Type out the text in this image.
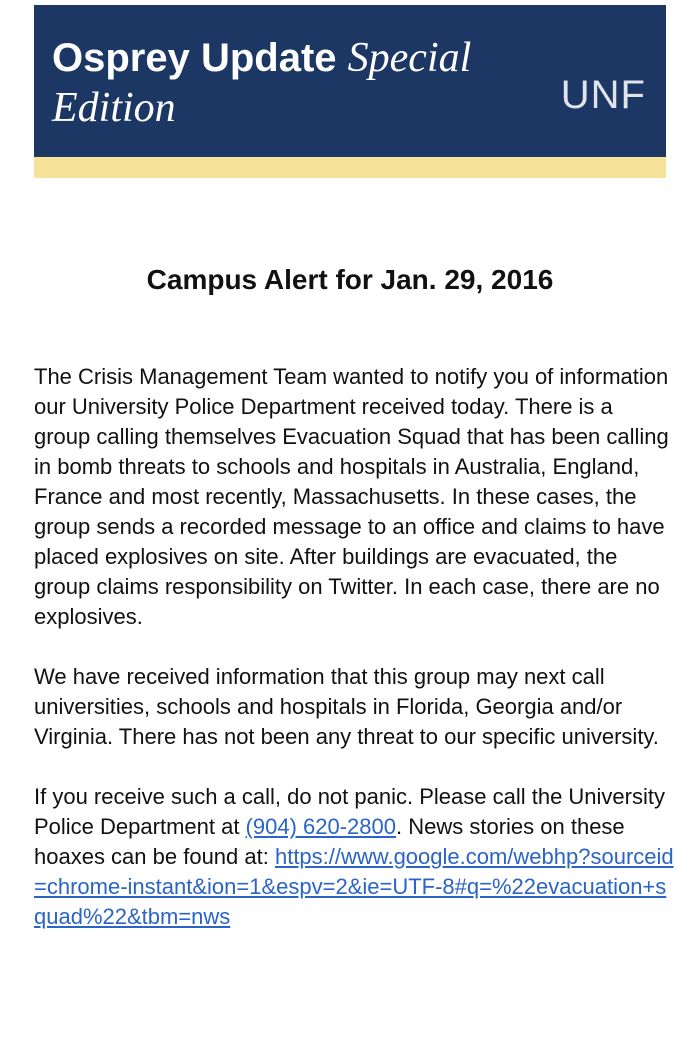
Osprey Update Special Edition	UNF
Campus Alert for Jan. 29, 2016

The Crisis Management Team wanted to notify you of information our University Police Department received today. There is a group calling themselves Evacuation Squad that has been calling in bomb threats to schools and hospitals in Australia, England, France and most recently, Massachusetts. In these cases, the group sends a recorded message to an office and claims to have placed explosives on site. After buildings are evacuated, the group claims responsibility on Twitter. In each case, there are no explosives.

We have received information that this group may next call universities, schools and hospitals in Florida, Georgia and/or Virginia. There has not been any threat to our specific university.

If you receive such a call, do not panic. Please call the University Police Department at (904) 620-2800. News stories on these hoaxes can be found at: https://www.google.com/webhp?sourceid=chrome-instant&ion=1&espv=2&ie=UTF-8#q=%22evacuation+squad%22&tbm=nws
